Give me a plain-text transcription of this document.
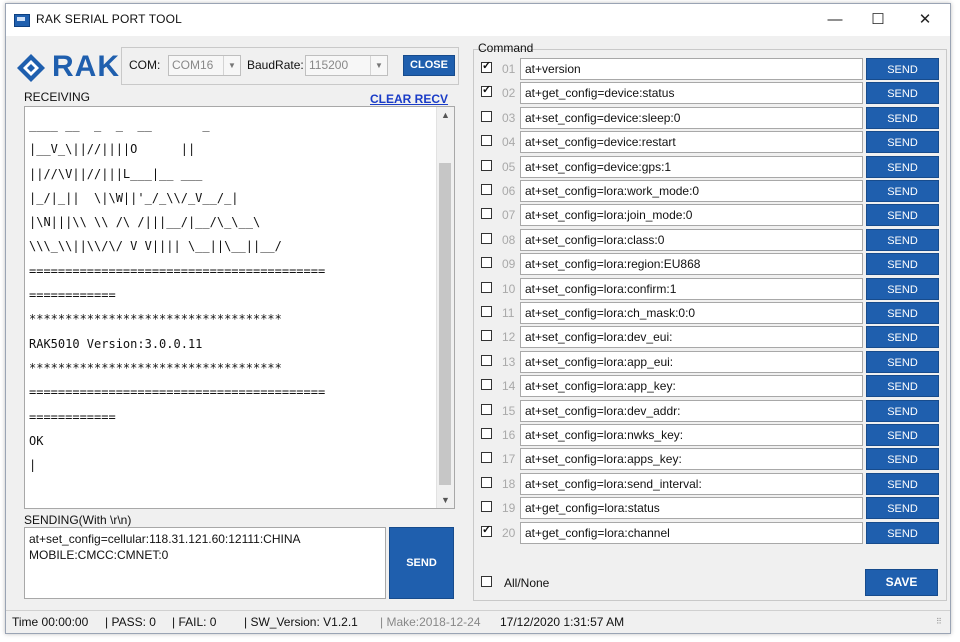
RAK SERIAL PORT TOOL	—	☐	✕
RAK COM: COM16	▼ BaudRate: 115200	▼	CLOSE
RECEIVING	CLEAR RECV
____ __  _  _  __       _
|__V_\||//||||O      ||
||//\V||//|||L___|__ ___
|_/|_||  \|\W||'_/_\\/_V__/_|
|\N|||\\ \\ /\ /|||__/|__/\_\__\
\\\_\\||\\/\/ V V|||| \__||\__||__/
=========================================
============
***********************************
RAK5010 Version:3.0.0.11
***********************************
=========================================
============
OK
|
▲
▼
SENDING(With \r\n)
at+set_config=cellular:118.31.121.60:12111:CHINA MOBILE:CMCC:CMNET:0
SEND
Command
✓ 01 at+version	SEND
✓ 02 at+get_config=device:status	SEND
03 at+set_config=device:sleep:0	SEND
04 at+set_config=device:restart	SEND
05 at+set_config=device:gps:1	SEND
06 at+set_config=lora:work_mode:0	SEND
07 at+set_config=lora:join_mode:0	SEND
08 at+set_config=lora:class:0	SEND
09 at+set_config=lora:region:EU868	SEND
10 at+set_config=lora:confirm:1	SEND
11 at+set_config=lora:ch_mask:0:0	SEND
12 at+set_config=lora:dev_eui:	SEND
13 at+set_config=lora:app_eui:	SEND
14 at+set_config=lora:app_key:	SEND
15 at+set_config=lora:dev_addr:	SEND
16 at+set_config=lora:nwks_key:	SEND
17 at+set_config=lora:apps_key:	SEND
18 at+set_config=lora:send_interval:	SEND
19 at+get_config=lora:status	SEND
✓ 20 at+get_config=lora:channel	SEND
All/None	SAVE
Time 00:00:00 | PASS: 0 | FAIL: 0 | SW_Version: V1.2.1 | Make:2018-12-24 17/12/2020 1:31:57 AM	⠿
